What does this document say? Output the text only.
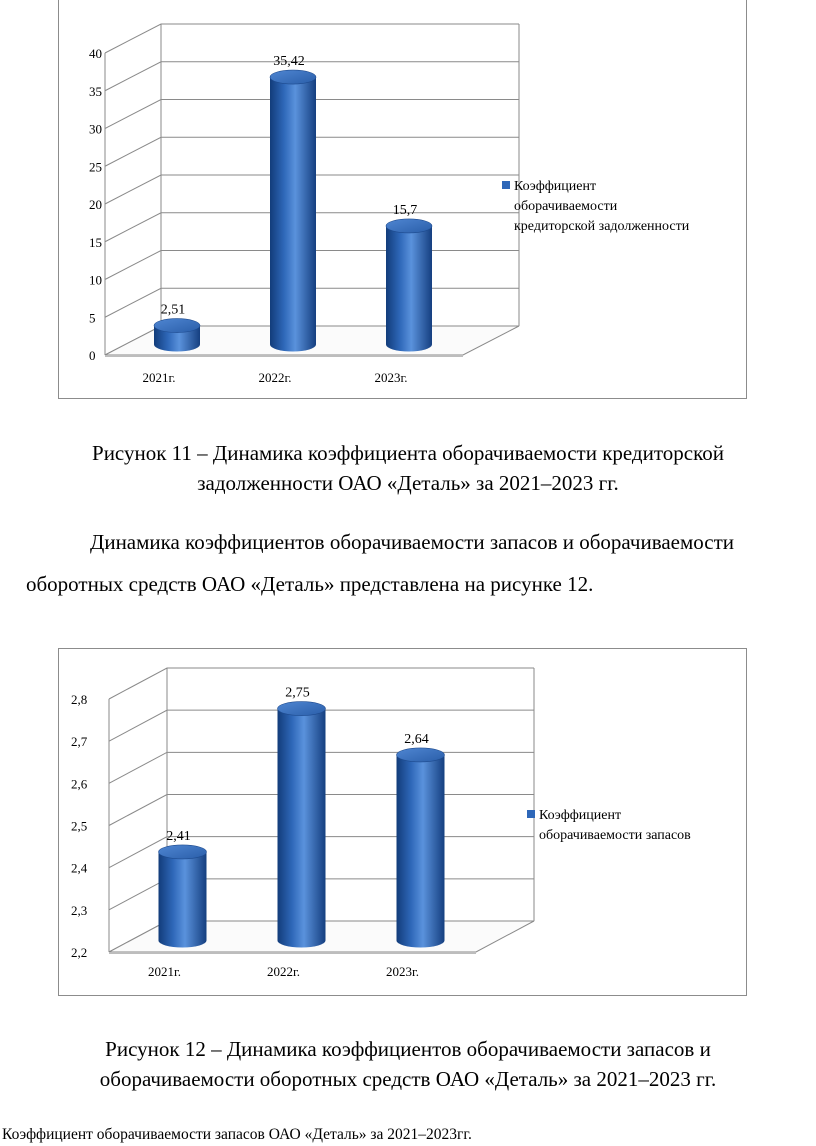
0
5
10
15
20
25
30
35
40
2,51
2021г.
35,42
2022г.
15,7
2023г.
Коэффициент
оборачиваемости
кредиторской задолженности
Рисунок 11 – Динамика коэффициента оборачиваемости кредиторской
задолженности ОАО «Деталь» за 2021–2023 гг.
Динамика коэффициентов оборачиваемости запасов и оборачиваемости
оборотных средств ОАО «Деталь» представлена на рисунке 12.
2,2
2,3
2,4
2,5
2,6
2,7
2,8
2,41
2021г.
2,75
2022г.
2,64
2023г.
Коэффициент
оборачиваемости запасов
Рисунок 12 – Динамика коэффициентов оборачиваемости запасов и
оборачиваемости оборотных средств ОАО «Деталь» за 2021–2023 гг.
Коэффициент оборачиваемости запасов ОАО «Деталь» за 2021–2023гг.
